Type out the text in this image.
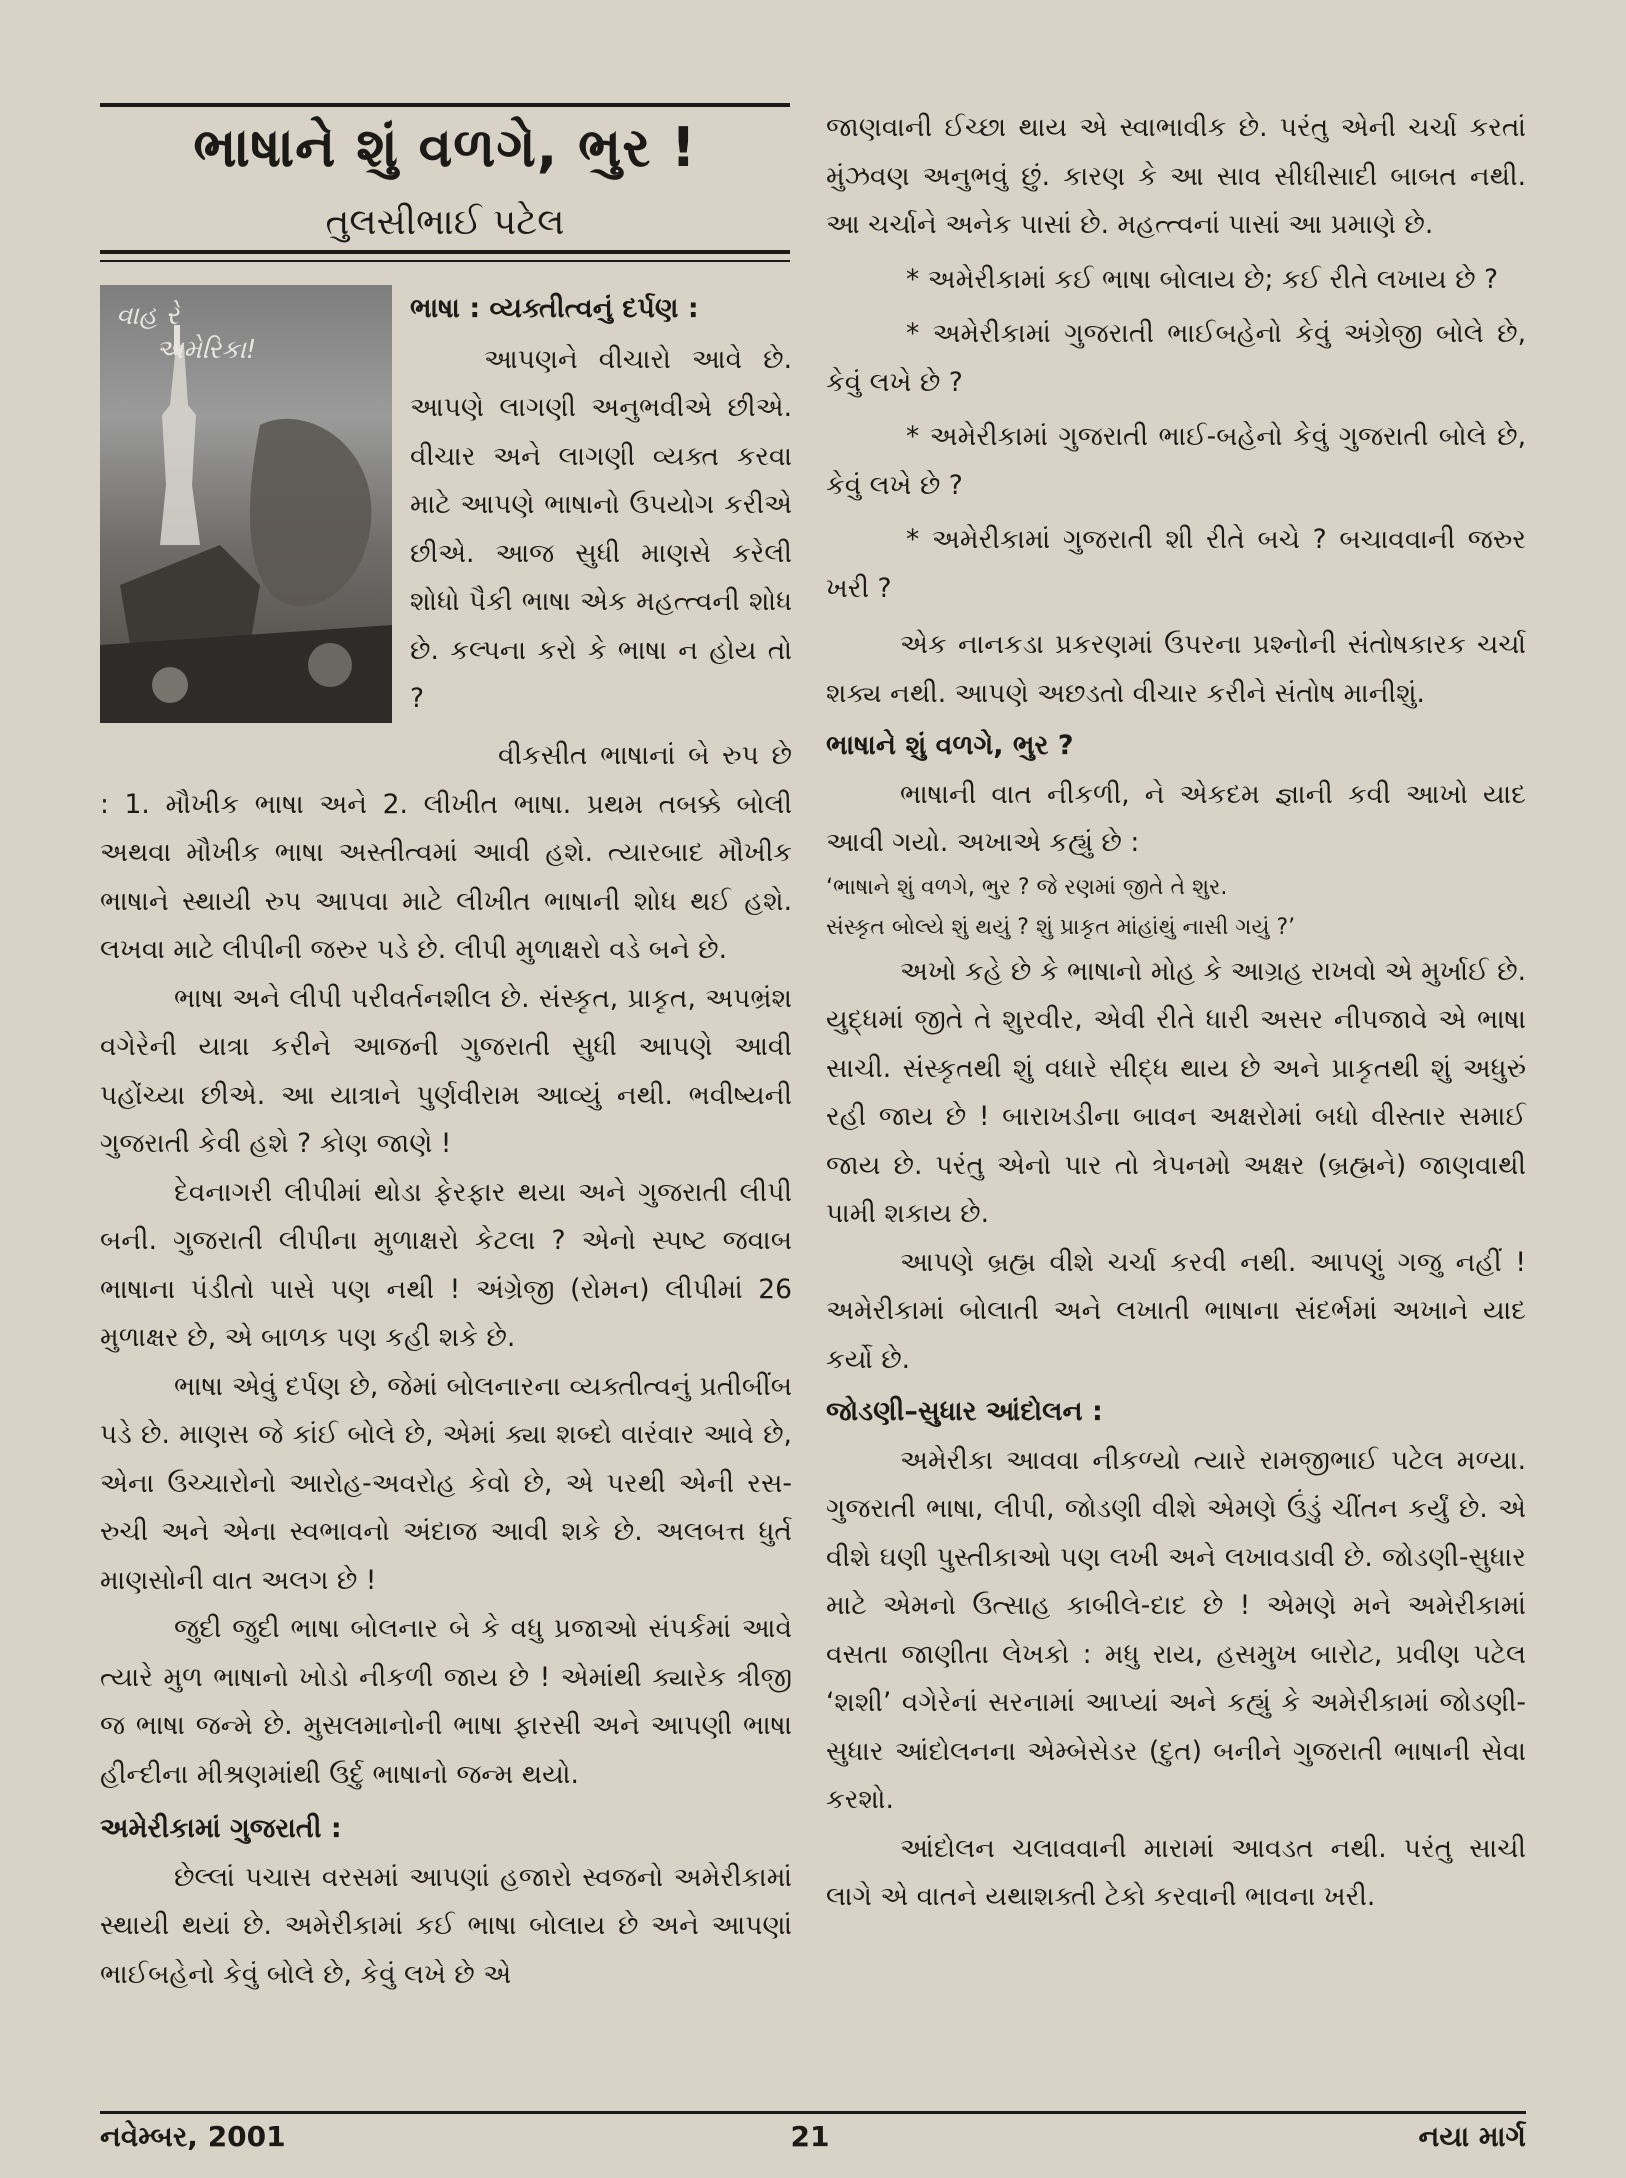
ભાષાને શું વળગે, ભુર !
તુલસીભાઈ પટેલ
વાહ રે
અમેરિકા!

ભાષા : વ્યક્તીત્વનું દર્પણ :

આપણને વીચારો આવે છે. આપણે લાગણી અનુભવીએ છીએ. વીચાર અને લાગણી વ્યક્ત કરવા માટે આપણે ભાષાનો ઉપયોગ કરીએ છીએ. આજ સુધી માણસે કરેલી શોધો પૈકી ભાષા એક મહત્ત્વની શોધ છે. કલ્પના કરો કે ભાષા ન હોય તો ?

વીકસીત ભાષાનાં બે રુપ છે : 1. મૌખીક ભાષા અને 2. લીખીત ભાષા. પ્રથમ તબક્કે બોલી અથવા મૌખીક ભાષા અસ્તીત્વમાં આવી હશે. ત્યારબાદ મૌખીક ભાષાને સ્થાયી રુપ આપવા માટે લીખીત ભાષાની શોધ થઈ હશે. લખવા માટે લીપીની જરુર પડે છે. લીપી મુળાક્ષરો વડે બને છે.

ભાષા અને લીપી પરીવર્તનશીલ છે. સંસ્કૃત, પ્રાકૃત, અપભ્રંશ વગેરેની યાત્રા કરીને આજની ગુજરાતી સુધી આપણે આવી પહોંચ્યા છીએ. આ યાત્રાને પુર્ણવીરામ આવ્યું નથી. ભવીષ્યની ગુજરાતી કેવી હશે ? કોણ જાણે !

દેવનાગરી લીપીમાં થોડા ફેરફાર થયા અને ગુજરાતી લીપી બની. ગુજરાતી લીપીના મુળાક્ષરો કેટલા ? એનો સ્પષ્ટ જવાબ ભાષાના પંડીતો પાસે પણ નથી ! અંગ્રેજી (રોમન) લીપીમાં 26 મુળાક્ષર છે, એ બાળક પણ કહી શકે છે.

ભાષા એવું દર્પણ છે, જેમાં બોલનારના વ્યક્તીત્વનું પ્રતીબીંબ પડે છે. માણસ જે કાંઈ બોલે છે, એમાં ક્યા શબ્દો વારંવાર આવે છે, એના ઉચ્ચારોનો આરોહ-અવરોહ કેવો છે, એ પરથી એની રસ-રુચી અને એના સ્વભાવનો અંદાજ આવી શકે છે. અલબત્ત ધુર્ત માણસોની વાત અલગ છે !

જુદી જુદી ભાષા બોલનાર બે કે વધુ પ્રજાઓ સંપર્કમાં આવે ત્યારે મુળ ભાષાનો ખોડો નીકળી જાય છે ! એમાંથી ક્યારેક ત્રીજી જ ભાષા જન્મે છે. મુસલમાનોની ભાષા ફારસી અને આપણી ભાષા હીન્દીના મીશ્રણમાંથી ઉર્દુ ભાષાનો જન્મ થયો.

અમેરીકામાં ગુજરાતી :

છેલ્લાં પચાસ વરસમાં આપણાં હજારો સ્વજનો અમેરીકામાં સ્થાયી થયાં છે. અમેરીકામાં કઈ ભાષા બોલાય છે અને આપણાં ભાઈબહેનો કેવું બોલે છે, કેવું લખે છે એ

જાણવાની ઈચ્છા થાય એ સ્વાભાવીક છે. પરંતુ એની ચર્ચા કરતાં મુંઝવણ અનુભવું છું. કારણ કે આ સાવ સીધીસાદી બાબત નથી. આ ચર્ચાને અનેક પાસાં છે. મહત્ત્વનાં પાસાં આ પ્રમાણે છે.

* અમેરીકામાં કઈ ભાષા બોલાય છે; કઈ રીતે લખાય છે ?

* અમેરીકામાં ગુજરાતી ભાઈબહેનો કેવું અંગ્રેજી બોલે છે, કેવું લખે છે ?

* અમેરીકામાં ગુજરાતી ભાઈ-બહેનો કેવું ગુજરાતી બોલે છે, કેવું લખે છે ?

* અમેરીકામાં ગુજરાતી શી રીતે બચે ? બચાવવાની જરુર ખરી ?

એક નાનકડા પ્રકરણમાં ઉપરના પ્રશ્નોની સંતોષકારક ચર્ચા શક્ય નથી. આપણે અછડતો વીચાર કરીને સંતોષ માનીશું.

ભાષાને શું વળગે, ભુર ?

ભાષાની વાત નીકળી, ને એકદમ જ્ઞાની કવી આખો યાદ આવી ગયો. અખાએ કહ્યું છે :

‘ભાષાને શું વળગે, ભુર ? જે રણમાં જીતે તે શુર.

સંસ્કૃત બોલ્યે શું થયું ? શું પ્રાકૃત માંહાંથું નાસી ગયું ?’

અખો કહે છે કે ભાષાનો મોહ કે આગ્રહ રાખવો એ મુર્ખાઈ છે. યુદ્ધમાં જીતે તે શુરવીર, એવી રીતે ધારી અસર નીપજાવે એ ભાષા સાચી. સંસ્કૃતથી શું વધારે સીદ્ધ થાય છે અને પ્રાકૃતથી શું અધુરું રહી જાય છે ! બારાખડીના બાવન અક્ષરોમાં બધો વીસ્તાર સમાઈ જાય છે. પરંતુ એનો પાર તો ત્રેપનમો અક્ષર (બ્રહ્મને) જાણવાથી પામી શકાય છે.

આપણે બ્રહ્મ વીશે ચર્ચા કરવી નથી. આપણું ગજુ નહીં ! અમેરીકામાં બોલાતી અને લખાતી ભાષાના સંદર્ભમાં અખાને યાદ કર્યો છે.

જોડણી–સુધાર આંદોલન :

અમેરીકા આવવા નીકળ્યો ત્યારે રામજીભાઈ પટેલ મળ્યા. ગુજરાતી ભાષા, લીપી, જોડણી વીશે એમણે ઉંડું ચીંતન કર્યું છે. એ વીશે ઘણી પુસ્તીકાઓ પણ લખી અને લખાવડાવી છે. જોડણી-સુધાર માટે એમનો ઉત્સાહ કાબીલે-દાદ છે ! એમણે મને અમેરીકામાં વસતા જાણીતા લેખકો : મધુ રાય, હસમુખ બારોટ, પ્રવીણ પટેલ ‘શશી’ વગેરેનાં સરનામાં આપ્યાં અને કહ્યું કે અમેરીકામાં જોડણી-સુધાર આંદોલનના એમ્બેસેડર (દુત) બનીને ગુજરાતી ભાષાની સેવા કરશો.

આંદોલન ચલાવવાની મારામાં આવડત નથી. પરંતુ સાચી લાગે એ વાતને યથાશક્તી ટેકો કરવાની ભાવના ખરી.

નવેમ્બર, 2001	21	નયા માર્ગ
